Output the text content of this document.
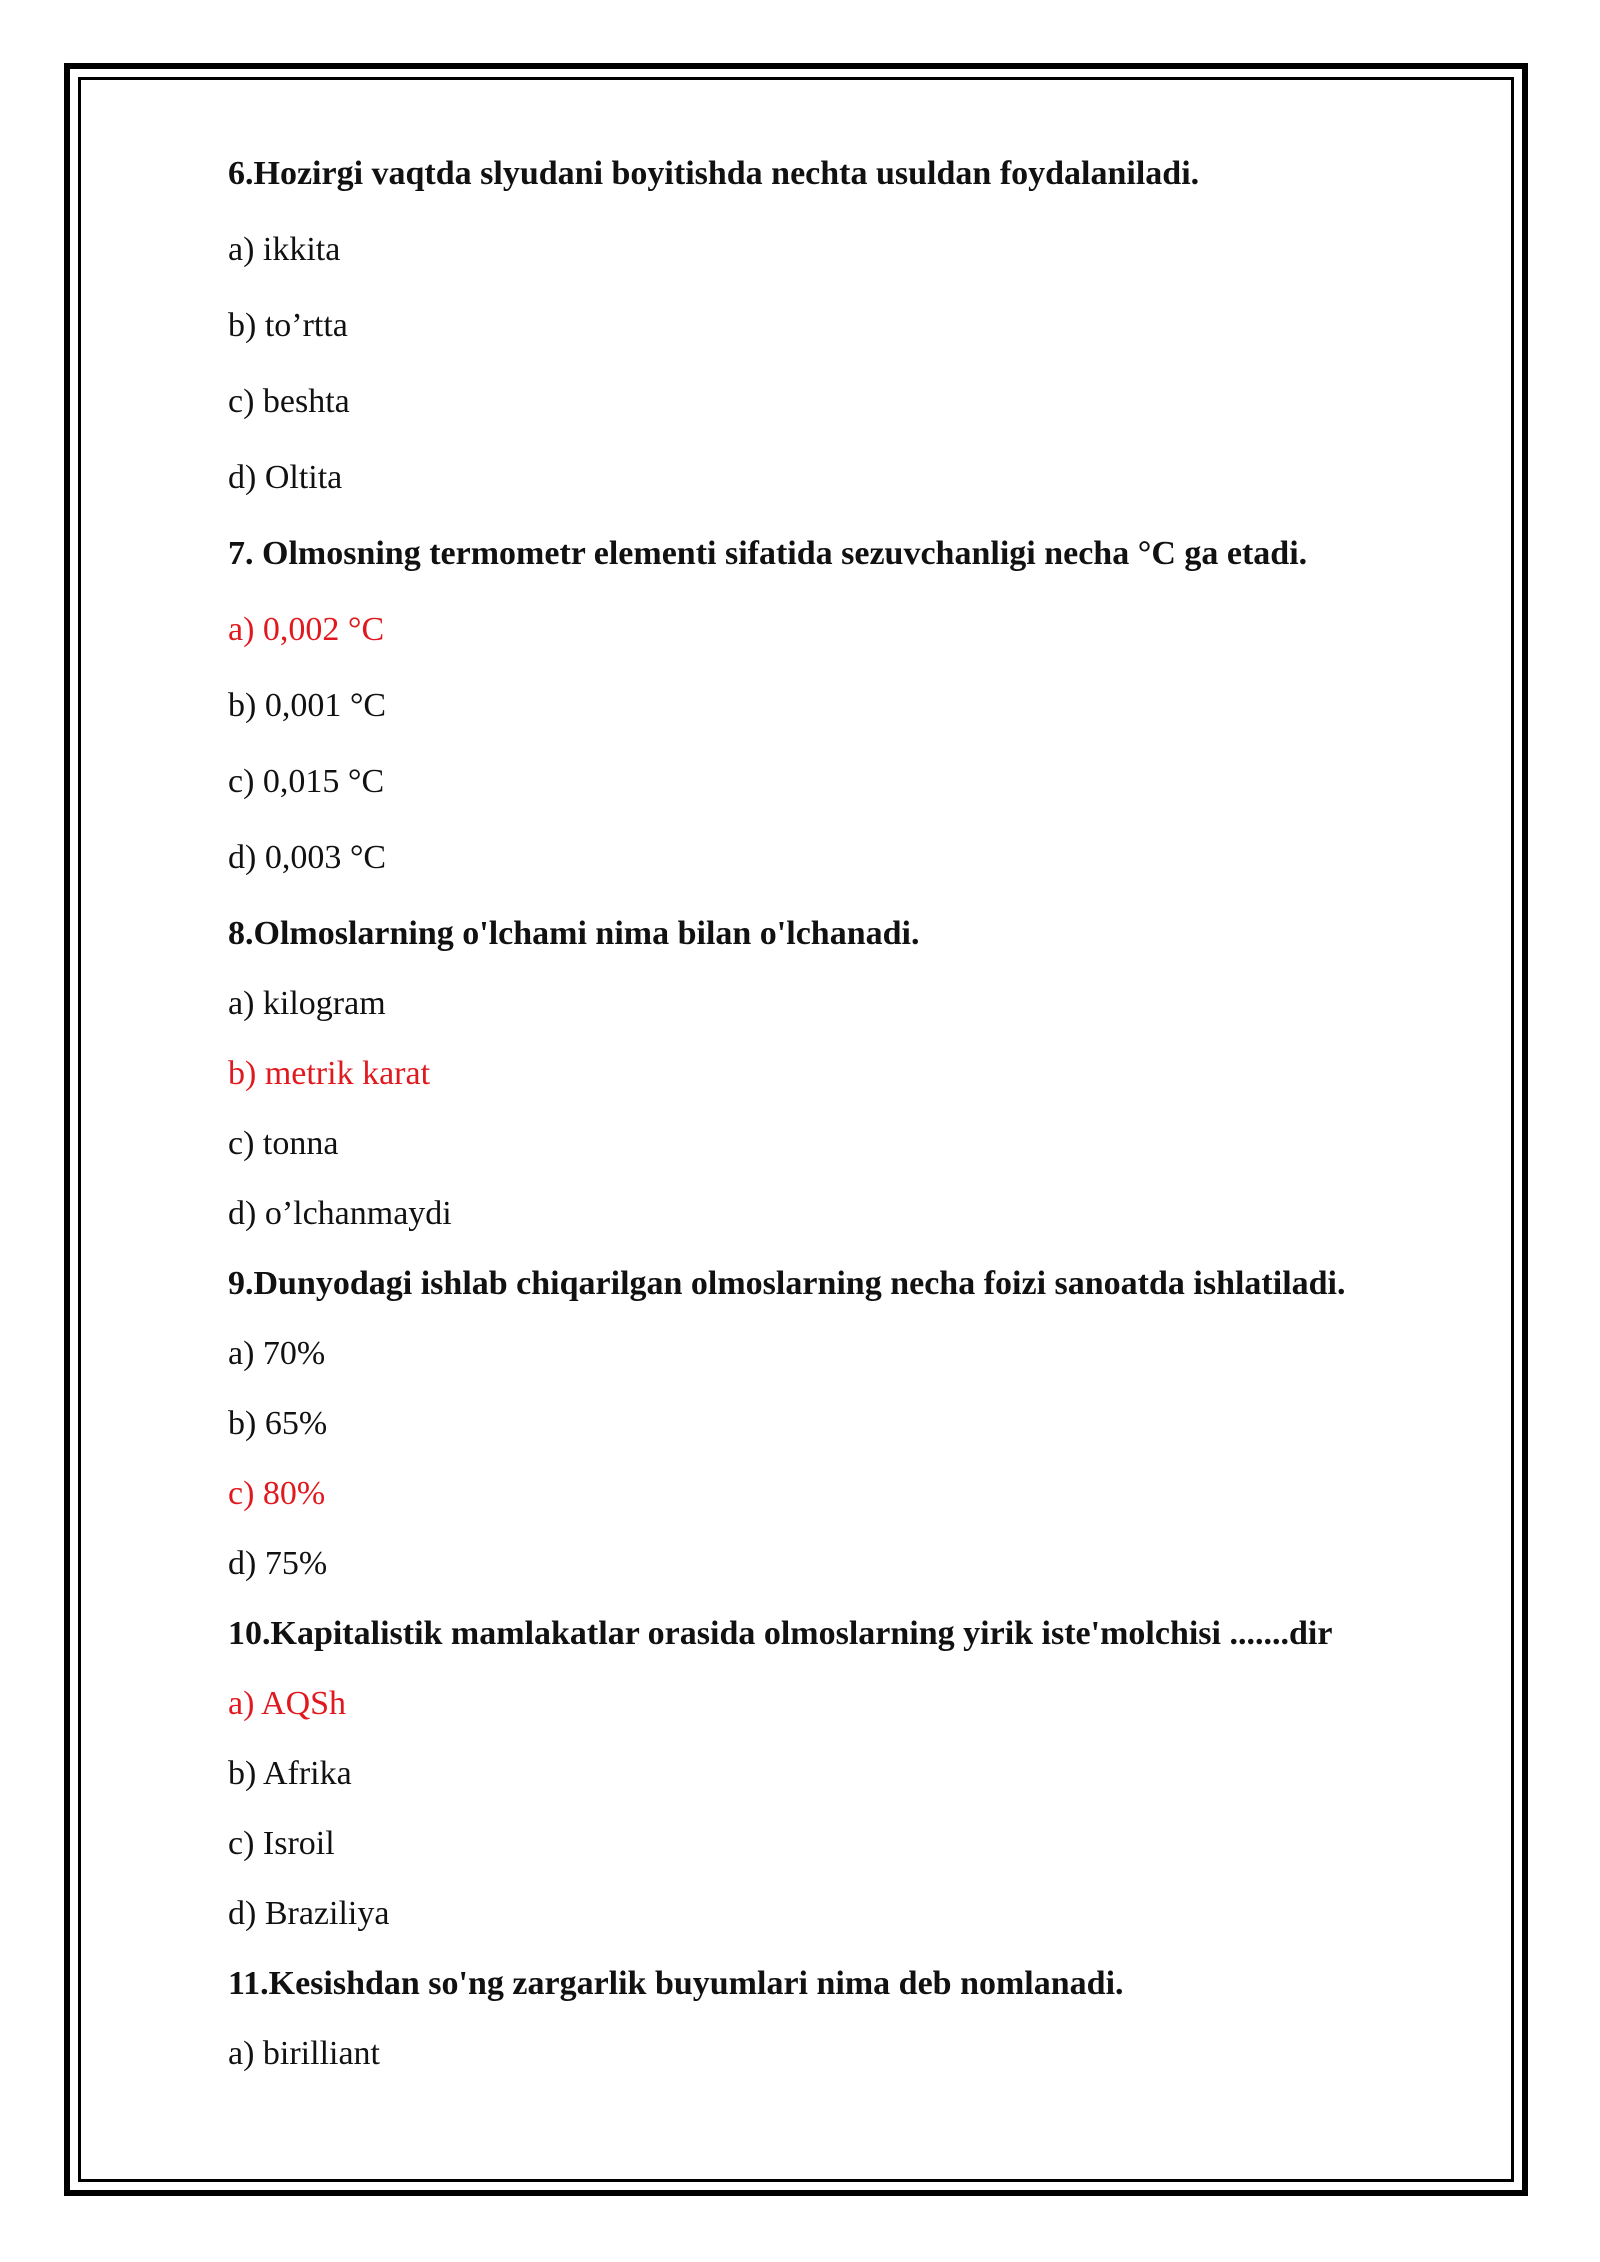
6.Hozirgi vaqtda slyudani boyitishda nechta usuldan foydalaniladi.
a) ikkita
b) to’rtta
c) beshta
d) Oltita
7. Olmosning termometr elementi sifatida sezuvchanligi necha °C ga etadi.
a) 0,002 °C
b) 0,001 °C
c) 0,015 °C
d) 0,003 °C
8.Olmoslarning o'lchami nima bilan o'lchanadi.
a) kilogram
b) metrik karat
c) tonna
d) o’lchanmaydi
9.Dunyodagi ishlab chiqarilgan olmoslarning necha foizi sanoatda ishlatiladi.
a) 70%
b) 65%
c) 80%
d) 75%
10.Kapitalistik mamlakatlar orasida olmoslarning yirik iste'molchisi .......dir
a) AQSh
b) Afrika
c) Isroil
d) Braziliya
11.Kesishdan so'ng zargarlik buyumlari nima deb nomlanadi.
a) birilliant
